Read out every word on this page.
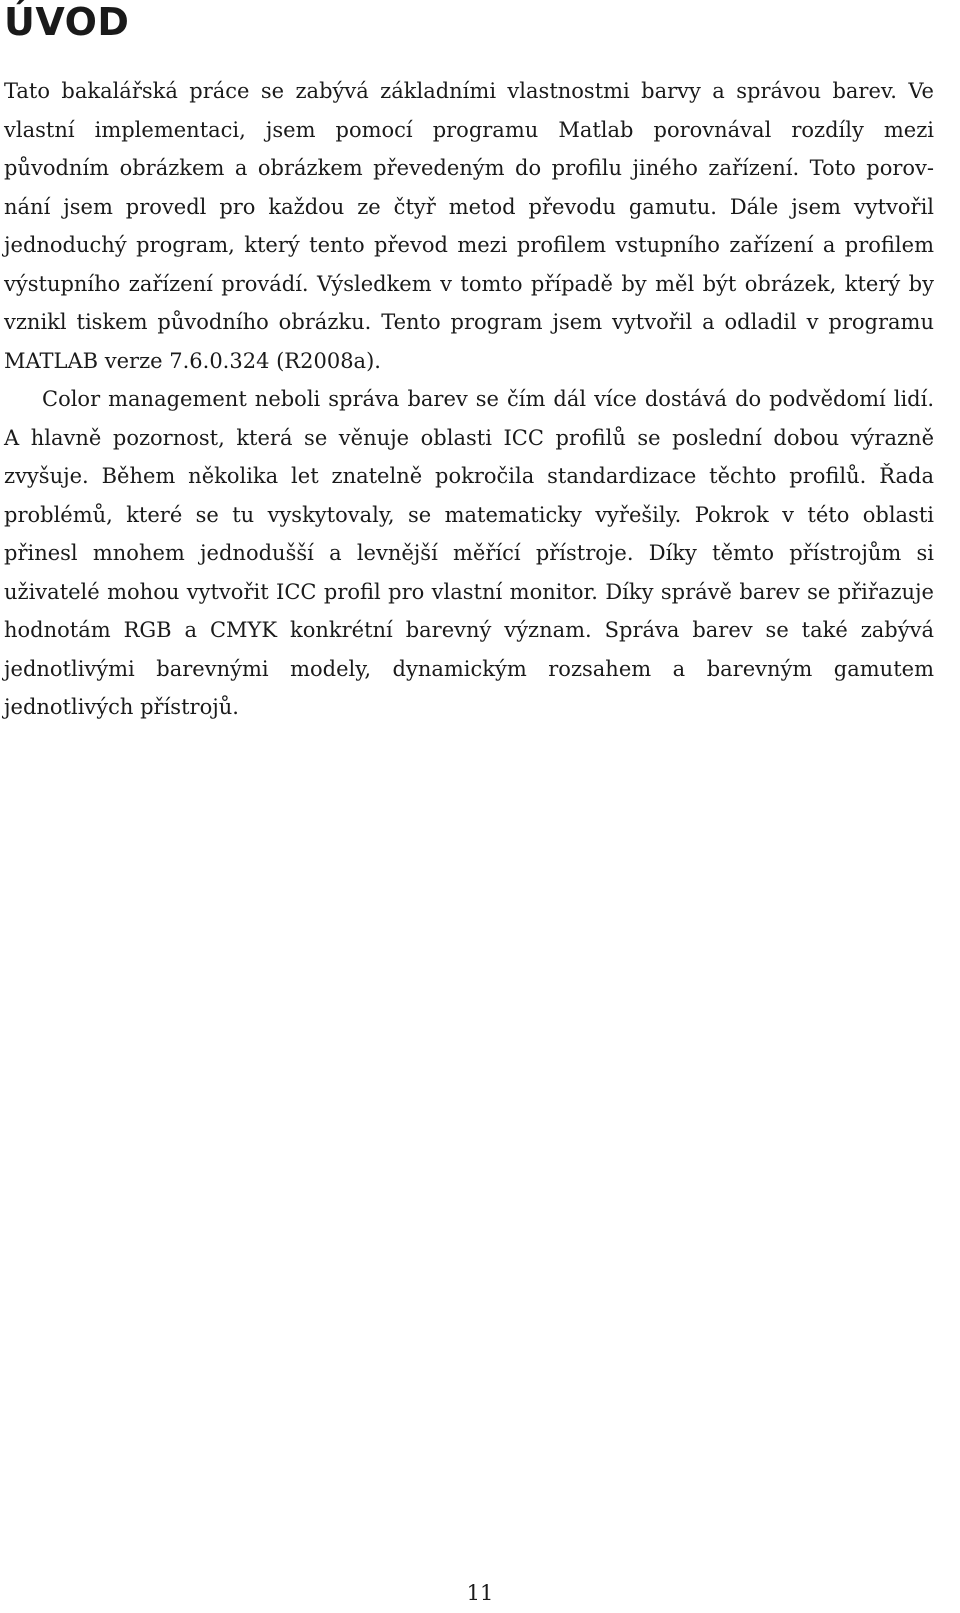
ÚVOD

Tato bakalářská práce se zabývá základními vlastnostmi barvy a správou barev. Ve vlastní implementaci, jsem pomocí programu Matlab porovnával rozdíly mezi původním obrázkem a obrázkem převedeným do profilu jiného zařízení. Toto porovnání jsem provedl pro každou ze čtyř metod převodu gamutu. Dále jsem vytvořil jednoduchý program, který tento převod mezi profilem vstupního zařízení a profilem výstupního zařízení provádí. Výsledkem v tomto případě by měl být obrázek, který by vznikl tiskem původního obrázku. Tento program jsem vytvořil a odladil v programu MATLAB verze 7.6.0.324 (R2008a).

Color management neboli správa barev se čím dál více dostává do podvědomí lidí. A hlavně pozornost, která se věnuje oblasti ICC profilů se poslední dobou výrazně zvyšuje. Během několika let znatelně pokročila standardizace těchto profilů. Řada problémů, které se tu vyskytovaly, se matematicky vyřešily. Pokrok v této oblasti přinesl mnohem jednodušší a levnější měřící přístroje. Díky těmto přístrojům si uživatelé mohou vytvořit ICC profil pro vlastní monitor. Díky správě barev se přiřazuje hodnotám RGB a CMYK konkrétní barevný význam. Správa barev se také zabývá jednotlivými barevnými modely, dynamickým rozsahem a barevným gamutem jednotlivých přístrojů.

11
